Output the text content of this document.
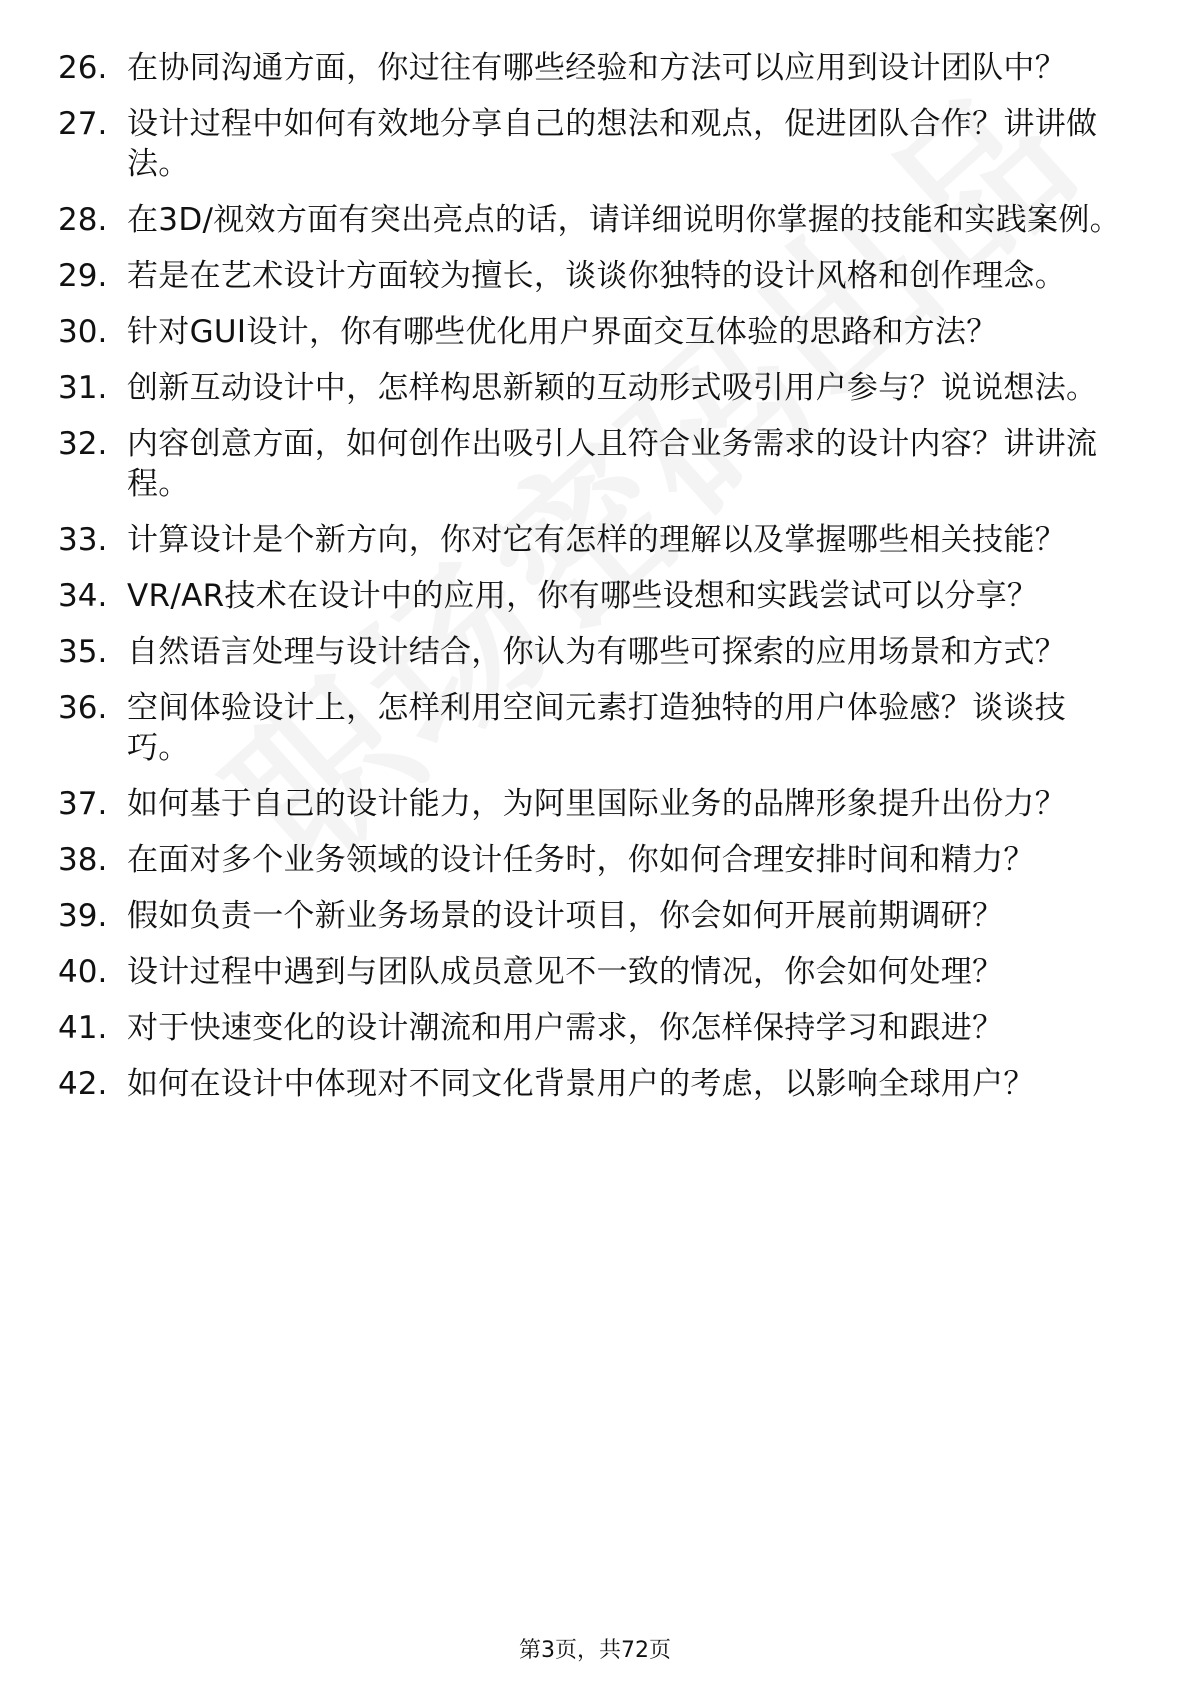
26. 在协同沟通方面，你过往有哪些经验和方法可以应用到设计团队中？
27. 设计过程中如何有效地分享自己的想法和观点，促进团队合作？讲讲做法。
28. 在3D/视效方面有突出亮点的话，请详细说明你掌握的技能和实践案例。
29. 若是在艺术设计方面较为擅长，谈谈你独特的设计风格和创作理念。
30. 针对GUI设计，你有哪些优化用户界面交互体验的思路和方法？
31. 创新互动设计中，怎样构思新颖的互动形式吸引用户参与？说说想法。
32. 内容创意方面，如何创作出吸引人且符合业务需求的设计内容？讲讲流程。
33. 计算设计是个新方向，你对它有怎样的理解以及掌握哪些相关技能？
34. VR/AR技术在设计中的应用，你有哪些设想和实践尝试可以分享？
35. 自然语言处理与设计结合，你认为有哪些可探索的应用场景和方式？
36. 空间体验设计上，怎样利用空间元素打造独特的用户体验感？谈谈技巧。
37. 如何基于自己的设计能力，为阿里国际业务的品牌形象提升出份力？
38. 在面对多个业务领域的设计任务时，你如何合理安排时间和精力？
39. 假如负责一个新业务场景的设计项目，你会如何开展前期调研？
40. 设计过程中遇到与团队成员意见不一致的情况，你会如何处理？
41. 对于快速变化的设计潮流和用户需求，你怎样保持学习和跟进？
42. 如何在设计中体现对不同文化背景用户的考虑，以影响全球用户？
第3页，共72页
